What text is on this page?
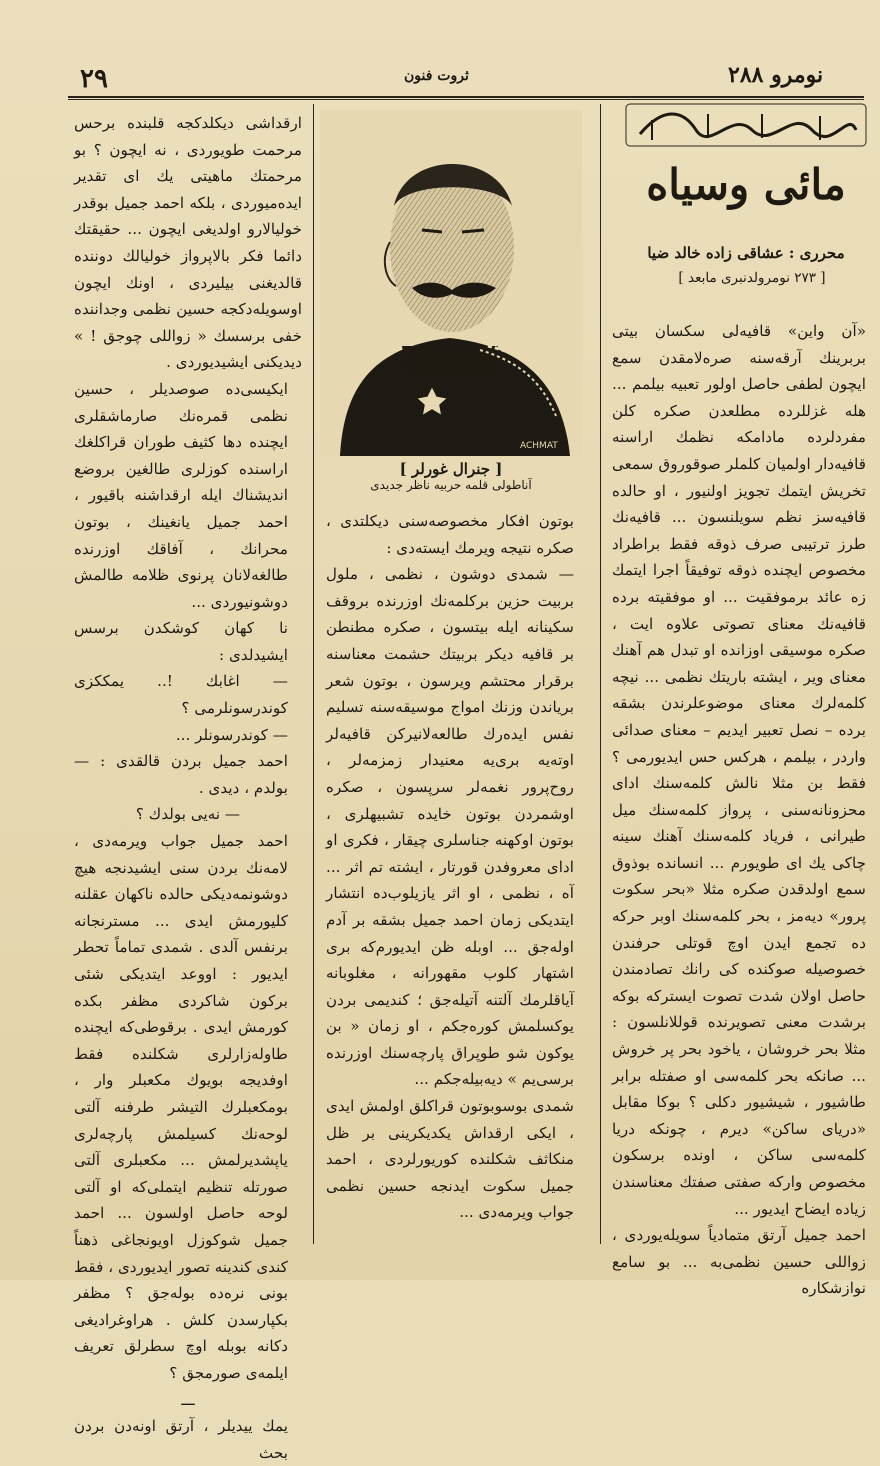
نومرو ۲۸۸
ثروت فنون
۲۹
مائی وسیاه
محرری : عشاقی زاده خالد ضیا
[ ۲۷۳ نومرولدنبری مابعد ]

«آن واین» قافیه‌لی سکسان بیتی بربرینك آرقه‌سنه صره‌لامقدن سمع ایچون لطفی حاصل اولور تعبیه بیلمم ... هله غزللرده مطلعدن صکره کلن مفردلرده مادامکه نظمك اراسنه قافیه‌دار اولمیان کلملر صوقوروق سمعی تخریش ایتمك تجویز اولنیور ، او حالده قافیه‌سز نظم سویلنسون ... قافیه‌نك طرز ترتیبی صرف ذوقه فقط براطراد مخصوص ایچنده ذوقه توفیقاً اجرا ایتمك زه عائد برموفقیت ... او موفقیته برده قافیه‌نك معنای تصوتی علاوه ایت ، صکره موسیقی اوزانده او تبدل هم آهنك معنای ویر ، ایشته باریتك نظمی ... نیچه کلمه‌لرك معنای موضوعلرندن بشقه برده – نصل تعبیر ایدیم – معنای صدائی واردر ، بیلمم ، هرکس حس ایدیورمی ؟ فقط بن مثلا نالش کلمه‌سنك ادای محزونانه‌سنی ، پرواز کلمه‌سنك میل طیرانی ، فریاد کلمه‌سنك آهنك سینه چاکی یك ای طویورم ... انسانده بوذوق سمع اولدقدن صکره مثلا «بحر سکوت پرور» دیه‌مز ، بحر کلمه‌سنك اوبر حرکه ده تجمع ایدن اوچ قوتلی حرفندن خصوصیله صوکنده کی رانك تصادمندن حاصل اولان شدت تصوت ایسترکه بوکه برشدت معنی تصویرنده قوللانلسون : مثلا بحر خروشان ، یاخود بحر پر خروش ... صانکه بحر کلمه‌سی او صفتله برابر طاشیور ، شیشیور دکلی ؟ بوکا مقابل «دریای ساکن» دیرم ، چونکه دریا کلمه‌سی ساکن ، اونده برسکون مخصوص وارکه صفتی صفتك معناسندن زیاده ایضاح ایدیور ...

احمد جمیل آرتق متمادیاً سویله‌یوردی ، زواللی حسین نظمی‌به ... بو سامع نوازشکاره

ACHMAT
[ جنرال غورلر ]
آناطولی قلمه حربیه ناظر جدیدی

بوتون افکار مخصوصه‌سنی دیکلتدی ، صکره نتیجه ویرمك ایسته‌دی :

— شمدی دوشون ، نظمی ، ملول بربیت حزین برکلمه‌نك اوزرنده بروقف سکینانه ایله بیتسون ، صکره مطنطن بر قافیه دیکر بربیتك حشمت معناسنه برقرار محتشم ویرسون ، بوتون شعر بریاندن وزنك امواج موسیقه‌سنه تسلیم نفس ایده‌رك طالعه‌لانیرکن قافیه‌لر اوته‌یه بری‌یه معنیدار زمزمه‌لر ، روح‌پرور نغمه‌لر سرپسون ، صکره اوشمردن بوتون خایده تشبیهلری ، بوتون اوکهنه جناسلری چیقار ، فکری او ادای معروفدن قورتار ، ایشته تم اثر ... آه ، نظمی ، او اثر یازیلوب‌ده انتشار ایتدیکی زمان احمد جمیل بشقه بر آدم اوله‌جق ... اوبله ظن ایدیورم‌که بری اشتهار کلوب مقهورانه ، مغلوبانه آیاقلرمك آلتنه آتیله‌جق ؛ کندیمی بردن یوکسلمش کوره‌جکم ، او زمان « بن یوکون شو طوپراق پارچه‌سنك اوزرنده برسی‌یم » دیه‌بیله‌جکم ...

شمدی بوسوبوتون قراکلق اولمش ایدی ، ایکی ارقداش یکدیکرینی بر ظل منکاثف شکلنده کوریورلردی ، احمد جمیل سکوت ایدنجه حسین نظمی جواب ویرمه‌دی ...

ارقداشی دیکلدکجه قلبنده برحس مرحمت طویوردی ، نه ایچون ؟ بو مرحمتك ماهیتی یك ای تقدیر ایده‌میوردی ، بلکه احمد جمیل بوقدر خولیالارو اولدیغی ایچون ... حقیقتك دائما فکر بالاپرواز خولیالك دوننده قالدیغنی بیلیردی ، اونك ایچون اوسویله‌دکجه حسین نظمی وجداننده خفی برسسك « زواللی چوجق ! » دیدیکنی ایشیدیوردی .

ایکیسی‌ده صوصدیلر ، حسین نظمی قمره‌نك صارماشقلری ایچنده دها کثیف طوران قراکلغك اراسنده کوزلری طالغین بروضع اندیشناك ایله ارقداشنه باقیور ، احمد جمیل یانغینك ، بوتون محرانك ، آفاقك اوزرنده طالغه‌لانان پرنوی ظلامه طالمش دوشونیوردی ...

نا کهان کوشکدن برسس ایشیدلدی :

— اغابك !.. یمككزی کوندرسونلرمی ؟

— کوندرسونلر ...

احمد جمیل بردن قالقدی : — بولدم ، دیدی .

— نه‌یی بولدك ؟

احمد جمیل جواب ویرمه‌دی ، لامه‌نك بردن سنی ایشیدنجه هیچ دوشونمه‌دیکی حالده ناکهان عقلنه کلیورمش ایدی ... مسترنجانه برنفس آلدی . شمدی تماماً تحطر ایدیور : اووعد ایتدیکی شئی برکون شاکردی مظفر بکده کورمش ایدی . برقوطی‌که ایچنده طاوله‌زارلری شکلنده فقط اوفدیجه بویوك مکعبلر وار ، بومکعبلرك التیشر طرفنه آلتی لوحه‌نك کسیلمش پارچه‌لری یاپشدیرلمش ... مکعبلری آلتی صورتله تنظیم ایتملی‌که او آلتی لوحه حاصل اولسون ... احمد جمیل شوکوزل اویونجاغی ذهناً کندی کندینه تصور ایدیوردی ، فقط بونی نره‌ده بوله‌جق ؟ مظفر بکپارسدن کلش . هراوغرادیغی دکانه بوبله اوچ سطرلق تعریف ایلمه‌ی صورمجق ؟

ـــ

یمك ییدیلر ، آرتق اونه‌دن بردن بحث
